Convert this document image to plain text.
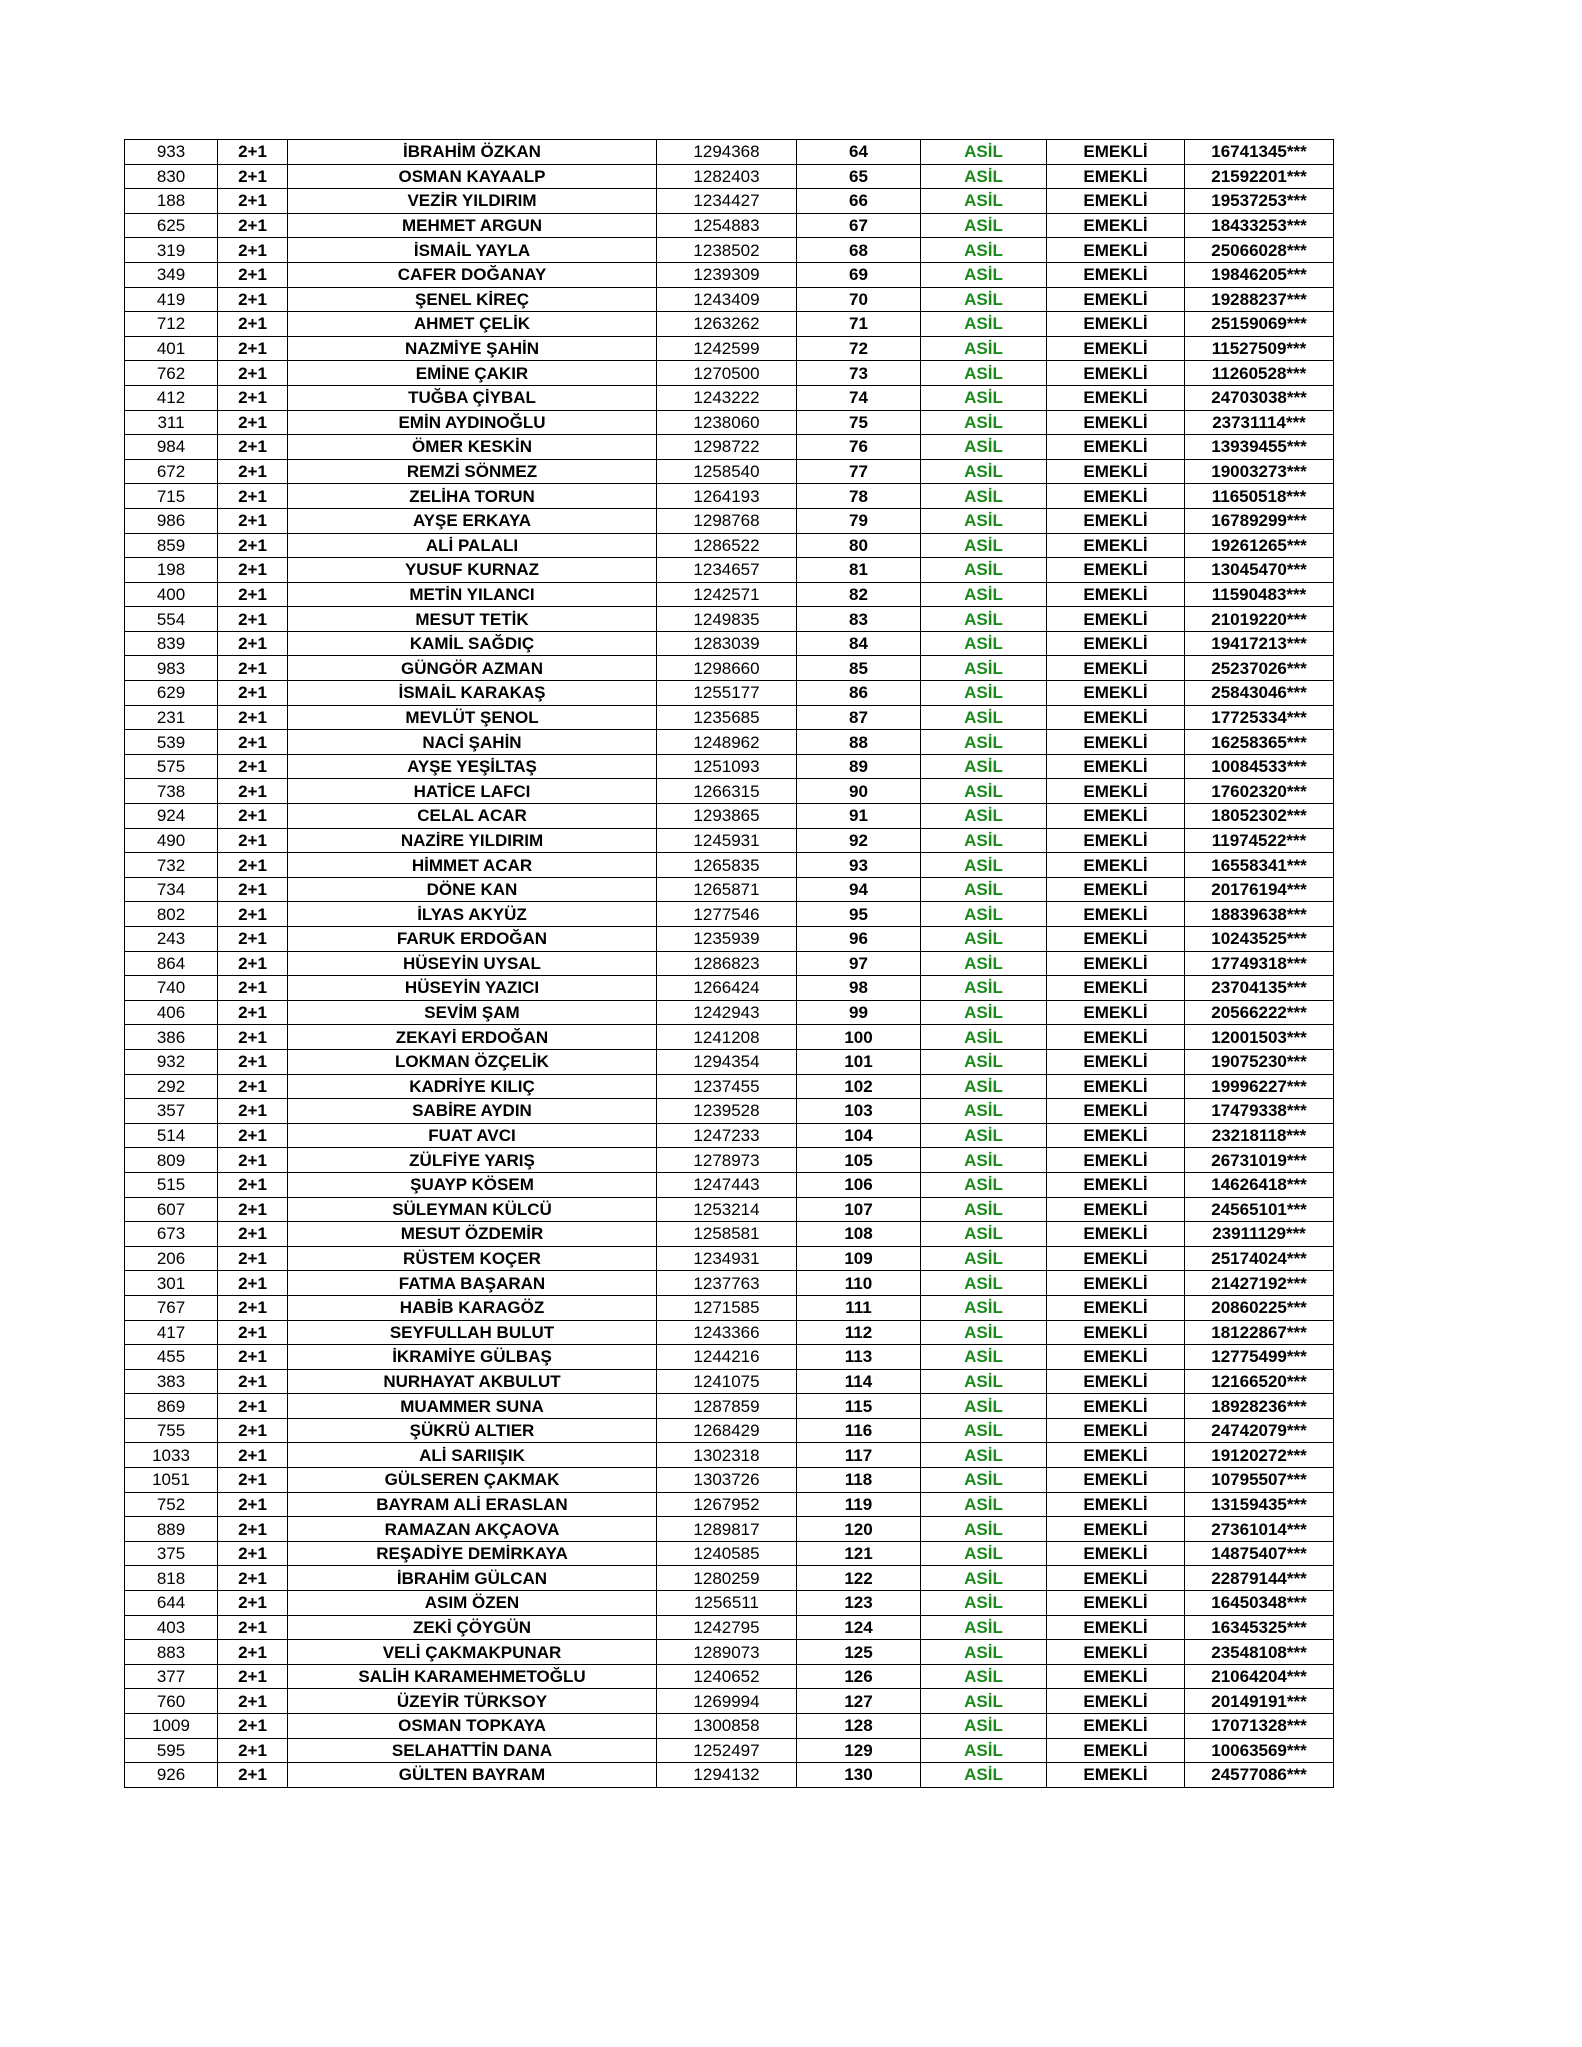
933	2+1	İBRAHİM ÖZKAN	1294368	64	ASİL	EMEKLİ	16741345***
830	2+1	OSMAN KAYAALP	1282403	65	ASİL	EMEKLİ	21592201***
188	2+1	VEZİR YILDIRIM	1234427	66	ASİL	EMEKLİ	19537253***
625	2+1	MEHMET ARGUN	1254883	67	ASİL	EMEKLİ	18433253***
319	2+1	İSMAİL YAYLA	1238502	68	ASİL	EMEKLİ	25066028***
349	2+1	CAFER DOĞANAY	1239309	69	ASİL	EMEKLİ	19846205***
419	2+1	ŞENEL KİREÇ	1243409	70	ASİL	EMEKLİ	19288237***
712	2+1	AHMET ÇELİK	1263262	71	ASİL	EMEKLİ	25159069***
401	2+1	NAZMİYE ŞAHİN	1242599	72	ASİL	EMEKLİ	11527509***
762	2+1	EMİNE ÇAKIR	1270500	73	ASİL	EMEKLİ	11260528***
412	2+1	TUĞBA ÇİYBAL	1243222	74	ASİL	EMEKLİ	24703038***
311	2+1	EMİN AYDINOĞLU	1238060	75	ASİL	EMEKLİ	23731114***
984	2+1	ÖMER KESKİN	1298722	76	ASİL	EMEKLİ	13939455***
672	2+1	REMZİ SÖNMEZ	1258540	77	ASİL	EMEKLİ	19003273***
715	2+1	ZELİHA TORUN	1264193	78	ASİL	EMEKLİ	11650518***
986	2+1	AYŞE ERKAYA	1298768	79	ASİL	EMEKLİ	16789299***
859	2+1	ALİ PALALI	1286522	80	ASİL	EMEKLİ	19261265***
198	2+1	YUSUF KURNAZ	1234657	81	ASİL	EMEKLİ	13045470***
400	2+1	METİN YILANCI	1242571	82	ASİL	EMEKLİ	11590483***
554	2+1	MESUT TETİK	1249835	83	ASİL	EMEKLİ	21019220***
839	2+1	KAMİL SAĞDIÇ	1283039	84	ASİL	EMEKLİ	19417213***
983	2+1	GÜNGÖR AZMAN	1298660	85	ASİL	EMEKLİ	25237026***
629	2+1	İSMAİL KARAKAŞ	1255177	86	ASİL	EMEKLİ	25843046***
231	2+1	MEVLÜT ŞENOL	1235685	87	ASİL	EMEKLİ	17725334***
539	2+1	NACİ ŞAHİN	1248962	88	ASİL	EMEKLİ	16258365***
575	2+1	AYŞE YEŞİLTAŞ	1251093	89	ASİL	EMEKLİ	10084533***
738	2+1	HATİCE LAFCI	1266315	90	ASİL	EMEKLİ	17602320***
924	2+1	CELAL ACAR	1293865	91	ASİL	EMEKLİ	18052302***
490	2+1	NAZİRE YILDIRIM	1245931	92	ASİL	EMEKLİ	11974522***
732	2+1	HİMMET ACAR	1265835	93	ASİL	EMEKLİ	16558341***
734	2+1	DÖNE KAN	1265871	94	ASİL	EMEKLİ	20176194***
802	2+1	İLYAS AKYÜZ	1277546	95	ASİL	EMEKLİ	18839638***
243	2+1	FARUK ERDOĞAN	1235939	96	ASİL	EMEKLİ	10243525***
864	2+1	HÜSEYİN UYSAL	1286823	97	ASİL	EMEKLİ	17749318***
740	2+1	HÜSEYİN YAZICI	1266424	98	ASİL	EMEKLİ	23704135***
406	2+1	SEVİM ŞAM	1242943	99	ASİL	EMEKLİ	20566222***
386	2+1	ZEKAYİ ERDOĞAN	1241208	100	ASİL	EMEKLİ	12001503***
932	2+1	LOKMAN ÖZÇELİK	1294354	101	ASİL	EMEKLİ	19075230***
292	2+1	KADRİYE KILIÇ	1237455	102	ASİL	EMEKLİ	19996227***
357	2+1	SABİRE AYDIN	1239528	103	ASİL	EMEKLİ	17479338***
514	2+1	FUAT AVCI	1247233	104	ASİL	EMEKLİ	23218118***
809	2+1	ZÜLFİYE YARIŞ	1278973	105	ASİL	EMEKLİ	26731019***
515	2+1	ŞUAYP KÖSEM	1247443	106	ASİL	EMEKLİ	14626418***
607	2+1	SÜLEYMAN KÜLCÜ	1253214	107	ASİL	EMEKLİ	24565101***
673	2+1	MESUT ÖZDEMİR	1258581	108	ASİL	EMEKLİ	23911129***
206	2+1	RÜSTEM KOÇER	1234931	109	ASİL	EMEKLİ	25174024***
301	2+1	FATMA BAŞARAN	1237763	110	ASİL	EMEKLİ	21427192***
767	2+1	HABİB KARAGÖZ	1271585	111	ASİL	EMEKLİ	20860225***
417	2+1	SEYFULLAH BULUT	1243366	112	ASİL	EMEKLİ	18122867***
455	2+1	İKRAMİYE GÜLBAŞ	1244216	113	ASİL	EMEKLİ	12775499***
383	2+1	NURHAYAT AKBULUT	1241075	114	ASİL	EMEKLİ	12166520***
869	2+1	MUAMMER SUNA	1287859	115	ASİL	EMEKLİ	18928236***
755	2+1	ŞÜKRÜ ALTIER	1268429	116	ASİL	EMEKLİ	24742079***
1033	2+1	ALİ SARIIŞIK	1302318	117	ASİL	EMEKLİ	19120272***
1051	2+1	GÜLSEREN ÇAKMAK	1303726	118	ASİL	EMEKLİ	10795507***
752	2+1	BAYRAM ALİ ERASLAN	1267952	119	ASİL	EMEKLİ	13159435***
889	2+1	RAMAZAN AKÇAOVA	1289817	120	ASİL	EMEKLİ	27361014***
375	2+1	REŞADİYE DEMİRKAYA	1240585	121	ASİL	EMEKLİ	14875407***
818	2+1	İBRAHİM GÜLCAN	1280259	122	ASİL	EMEKLİ	22879144***
644	2+1	ASIM ÖZEN	1256511	123	ASİL	EMEKLİ	16450348***
403	2+1	ZEKİ ÇÖYGÜN	1242795	124	ASİL	EMEKLİ	16345325***
883	2+1	VELİ ÇAKMAKPUNAR	1289073	125	ASİL	EMEKLİ	23548108***
377	2+1	SALİH KARAMEHMETOĞLU	1240652	126	ASİL	EMEKLİ	21064204***
760	2+1	ÜZEYİR TÜRKSOY	1269994	127	ASİL	EMEKLİ	20149191***
1009	2+1	OSMAN TOPKAYA	1300858	128	ASİL	EMEKLİ	17071328***
595	2+1	SELAHATTİN DANA	1252497	129	ASİL	EMEKLİ	10063569***
926	2+1	GÜLTEN BAYRAM	1294132	130	ASİL	EMEKLİ	24577086***
